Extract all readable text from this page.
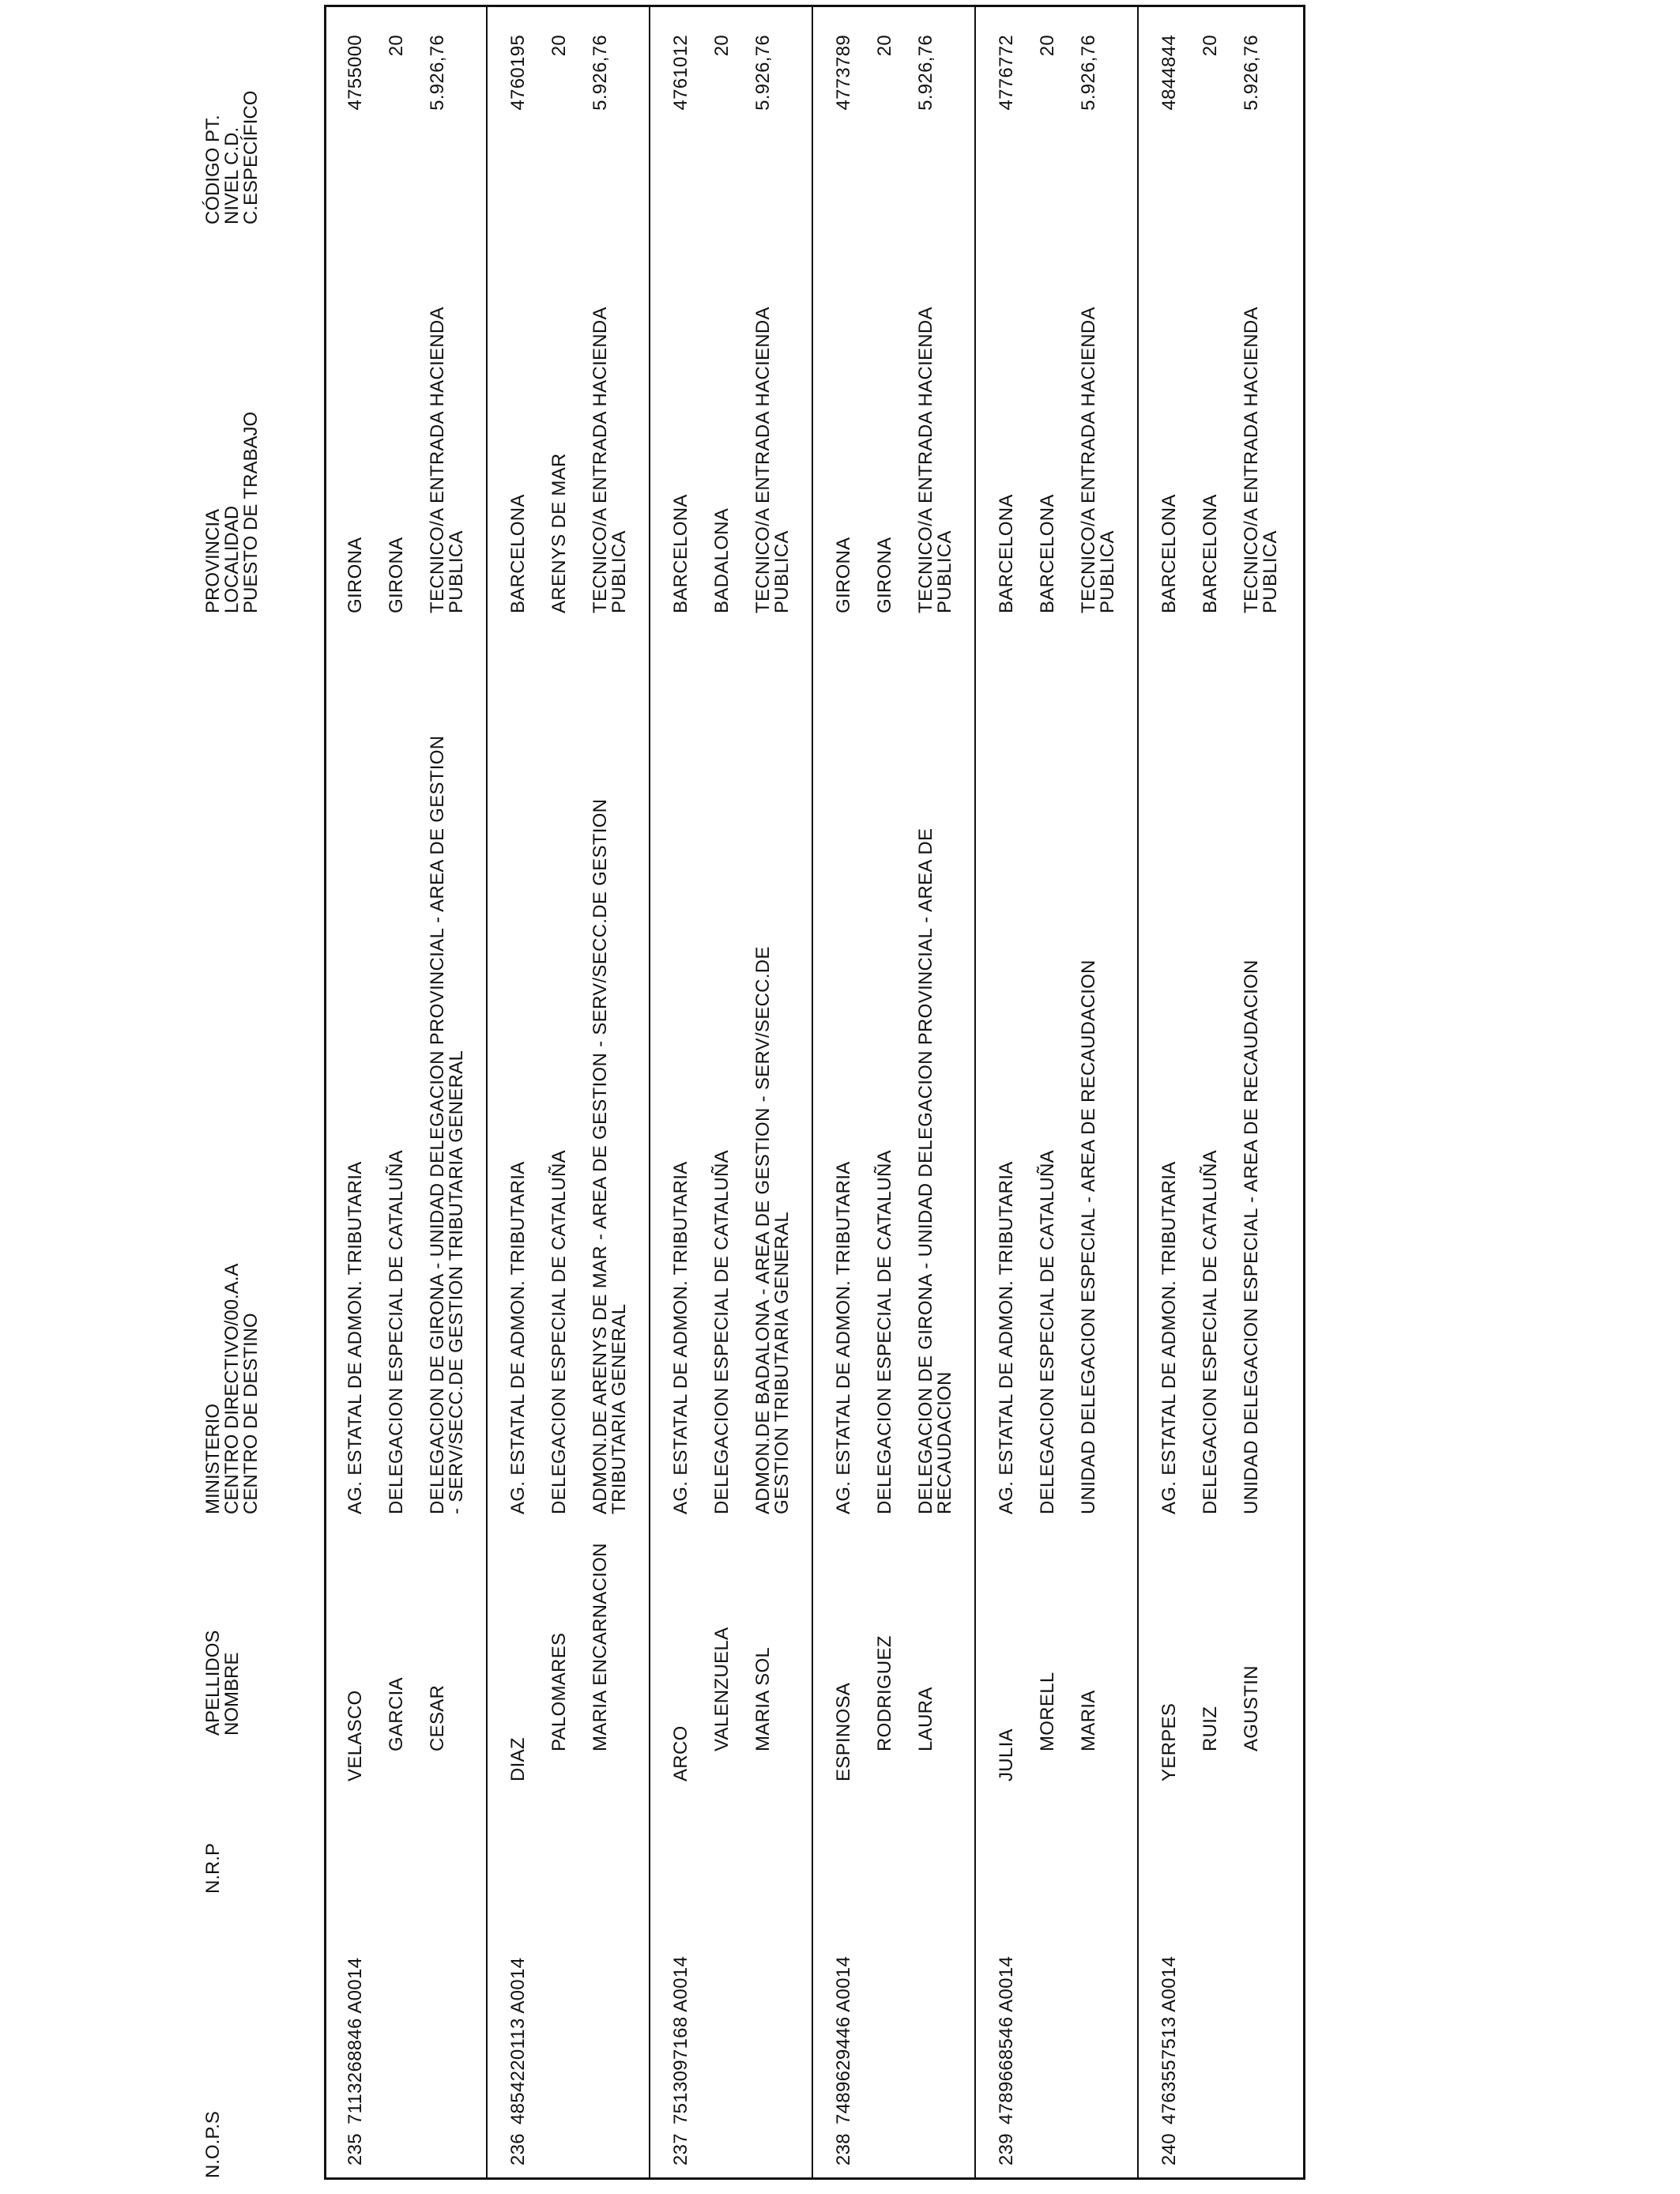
N.O.P.S
N.R.P
APELLIDOS
NOMBRE
MINISTERIO
CENTRO DIRECTIVO/00.A.A
CENTRO DE DESTINO
PROVINCIA
LOCALIDAD
PUESTO DE TRABAJO
CÓDIGO PT.
NIVEL C.D.
C.ESPECÍFICO
235
7113268846 A0014
VELASCO GARCIA CESAR
AG. ESTATAL DE ADMON. TRIBUTARIA DELEGACION ESPECIAL DE CATALUÑA DELEGACION DE GIRONA - UNIDAD DELEGACION PROVINCIAL - AREA DE GESTION - SERV/SECC.DE GESTION TRIBUTARIA GENERAL
GIRONA GIRONA TECNICO/A ENTRADA HACIENDA PUBLICA
4755000 20 5.926,76
236
4854220113 A0014
DIAZ
PALOMARES MARIA ENCARNACION
AG. ESTATAL DE ADMON. TRIBUTARIA DELEGACION ESPECIAL DE CATALUÑA ADMON.DE ARENYS DE MAR - AREA DE GESTION - SERV/SECC.DE GESTION TRIBUTARIA GENERAL
BARCELONA ARENYS DE MAR TECNICO/A ENTRADA HACIENDA PUBLICA
4760195 20 5.926,76
237
7513097168 A0014
ARCO
VALENZUELA MARIA SOL
AG. ESTATAL DE ADMON. TRIBUTARIA DELEGACION ESPECIAL DE CATALUÑA ADMON.DE BADALONA - AREA DE GESTION - SERV/SECC.DE GESTION TRIBUTARIA GENERAL
BARCELONA BADALONA TECNICO/A ENTRADA HACIENDA PUBLICA
4761012 20 5.926,76
238
7489629446 A0014
ESPINOSA RODRIGUEZ LAURA
AG. ESTATAL DE ADMON. TRIBUTARIA DELEGACION ESPECIAL DE CATALUÑA DELEGACION DE GIRONA - UNIDAD DELEGACION PROVINCIAL - AREA DE RECAUDACION
GIRONA GIRONA TECNICO/A ENTRADA HACIENDA PUBLICA
4773789 20 5.926,76
239
4789668546 A0014
JULIA
MORELL MARIA
AG. ESTATAL DE ADMON. TRIBUTARIA DELEGACION ESPECIAL DE CATALUÑA UNIDAD DELEGACION ESPECIAL - AREA DE RECAUDACION
BARCELONA BARCELONA TECNICO/A ENTRADA HACIENDA PUBLICA
4776772 20 5.926,76
240
4763557513 A0014
YERPES RUIZ AGUSTIN
AG. ESTATAL DE ADMON. TRIBUTARIA DELEGACION ESPECIAL DE CATALUÑA UNIDAD DELEGACION ESPECIAL - AREA DE RECAUDACION
BARCELONA BARCELONA TECNICO/A ENTRADA HACIENDA PUBLICA
4844844 20 5.926,76
